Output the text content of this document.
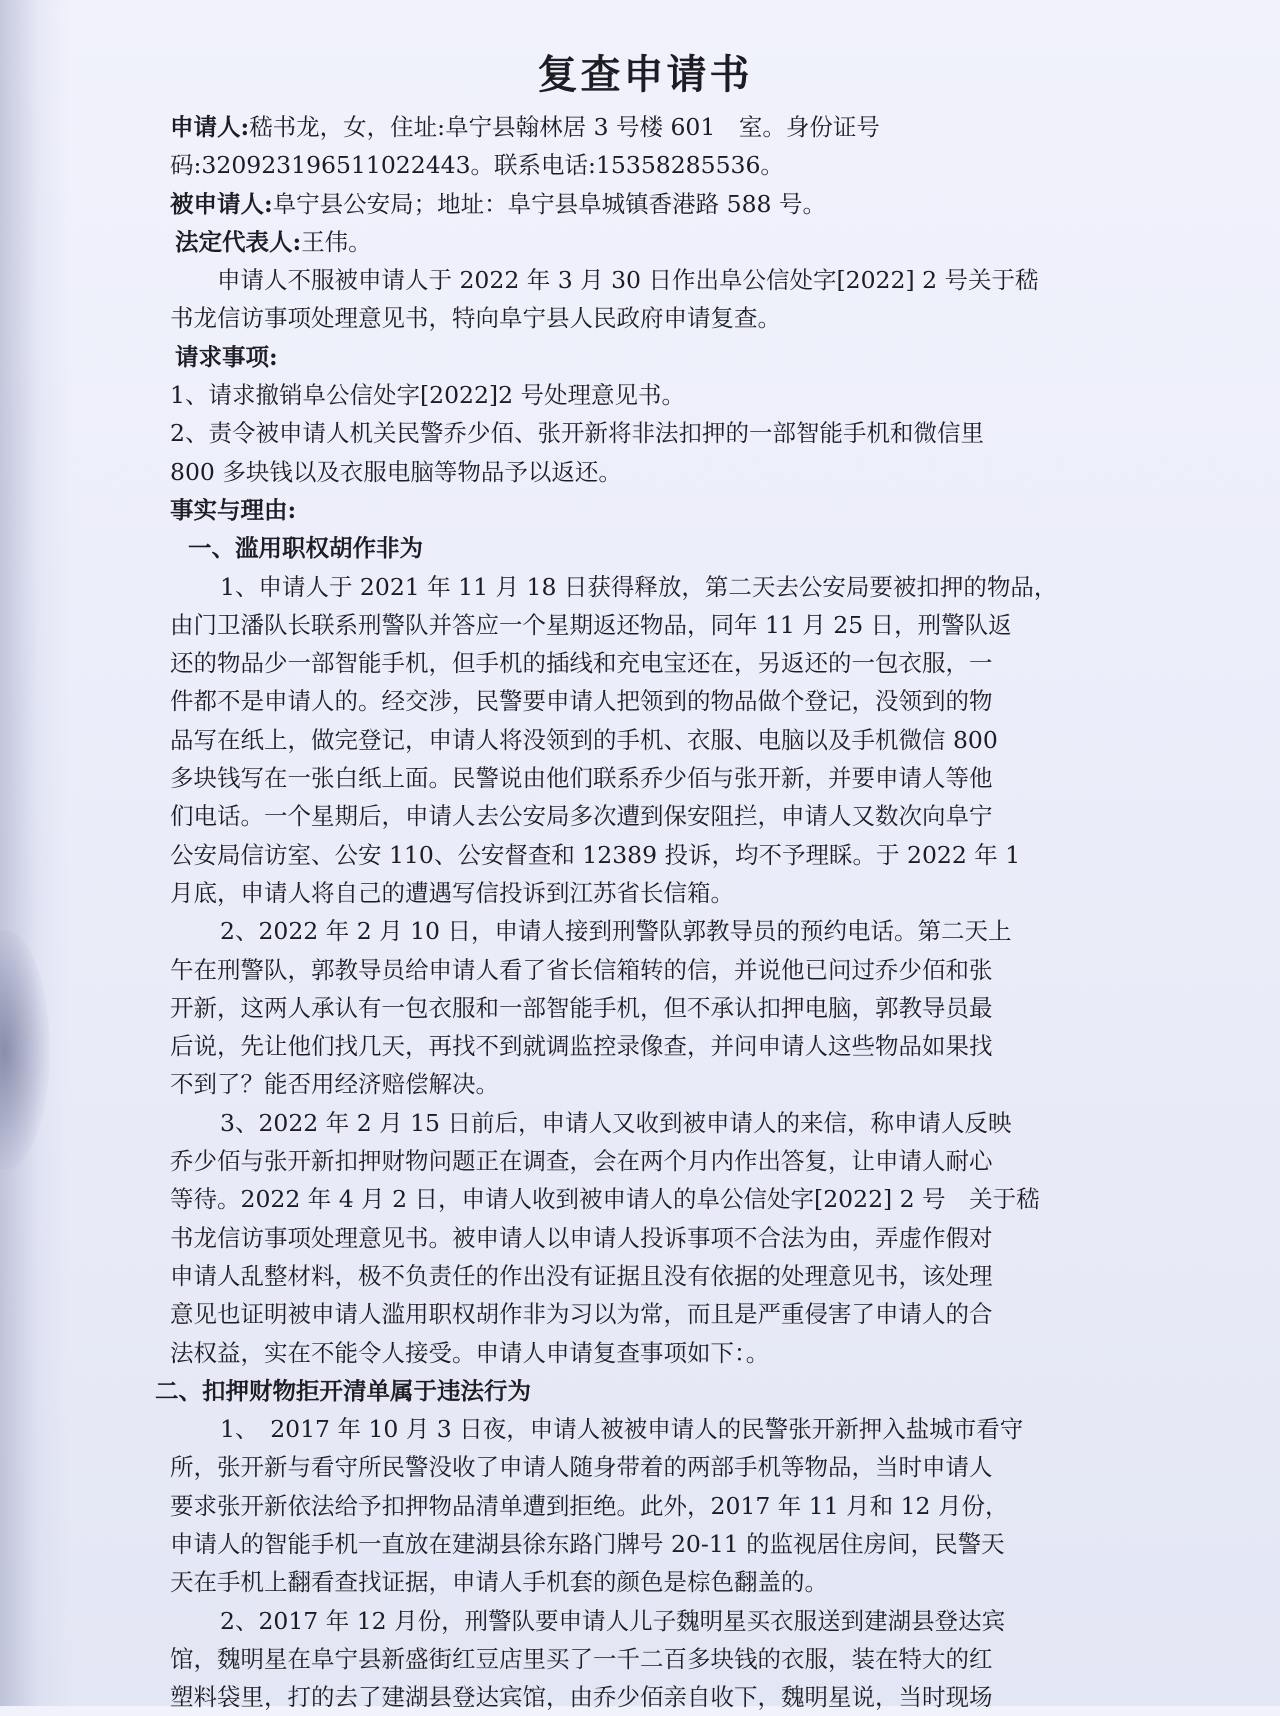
复查申请书
申请人:嵇书龙，女，住址:阜宁县翰林居 3 号楼 601　室。身份证号
码:320923196511022443。联系电话:15358285536。
被申请人:阜宁县公安局；地址：阜宁县阜城镇香港路 588 号。
法定代表人:王伟。
申请人不服被申请人于 2022 年 3 月 30 日作出阜公信处字[2022] 2 号关于嵇
书龙信访事项处理意见书，特向阜宁县人民政府申请复查。
请求事项:
1、请求撤销阜公信处字[2022]2 号处理意见书。
2、责令被申请人机关民警乔少佰、张开新将非法扣押的一部智能手机和微信里
800 多块钱以及衣服电脑等物品予以返还。
事实与理由:
一、滥用职权胡作非为
1、申请人于 2021 年 11 月 18 日获得释放，第二天去公安局要被扣押的物品，
由门卫潘队长联系刑警队并答应一个星期返还物品，同年 11 月 25 日，刑警队返
还的物品少一部智能手机，但手机的插线和充电宝还在，另返还的一包衣服，一
件都不是申请人的。经交涉，民警要申请人把领到的物品做个登记，没领到的物
品写在纸上，做完登记，申请人将没领到的手机、衣服、电脑以及手机微信 800
多块钱写在一张白纸上面。民警说由他们联系乔少佰与张开新，并要申请人等他
们电话。一个星期后，申请人去公安局多次遭到保安阻拦，申请人又数次向阜宁
公安局信访室、公安 110、公安督查和 12389 投诉，均不予理睬。于 2022 年 1
月底，申请人将自己的遭遇写信投诉到江苏省长信箱。
2、2022 年 2 月 10 日，申请人接到刑警队郭教导员的预约电话。第二天上
午在刑警队，郭教导员给申请人看了省长信箱转的信，并说他已问过乔少佰和张
开新，这两人承认有一包衣服和一部智能手机，但不承认扣押电脑，郭教导员最
后说，先让他们找几天，再找不到就调监控录像查，并问申请人这些物品如果找
不到了？能否用经济赔偿解决。
3、2022 年 2 月 15 日前后，申请人又收到被申请人的来信，称申请人反映
乔少佰与张开新扣押财物问题正在调查，会在两个月内作出答复，让申请人耐心
等待。2022 年 4 月 2 日，申请人收到被申请人的阜公信处字[2022] 2 号　关于嵇
书龙信访事项处理意见书。被申请人以申请人投诉事项不合法为由，弄虚作假对
申请人乱整材料，极不负责任的作出没有证据且没有依据的处理意见书，该处理
意见也证明被申请人滥用职权胡作非为习以为常，而且是严重侵害了申请人的合
法权益，实在不能令人接受。申请人申请复查事项如下：。
二、扣押财物拒开清单属于违法行为
1、　2017 年 10 月 3 日夜，申请人被被申请人的民警张开新押入盐城市看守
所，张开新与看守所民警没收了申请人随身带着的两部手机等物品，当时申请人
要求张开新依法给予扣押物品清单遭到拒绝。此外，2017 年 11 月和 12 月份，
申请人的智能手机一直放在建湖县徐东路门牌号 20-11 的监视居住房间，民警天
天在手机上翻看查找证据，申请人手机套的颜色是棕色翻盖的。
2、2017 年 12 月份，刑警队要申请人儿子魏明星买衣服送到建湖县登达宾
馆，魏明星在阜宁县新盛街红豆店里买了一千二百多块钱的衣服，装在特大的红
塑料袋里，打的去了建湖县登达宾馆，由乔少佰亲自收下，魏明星说，当时现场
